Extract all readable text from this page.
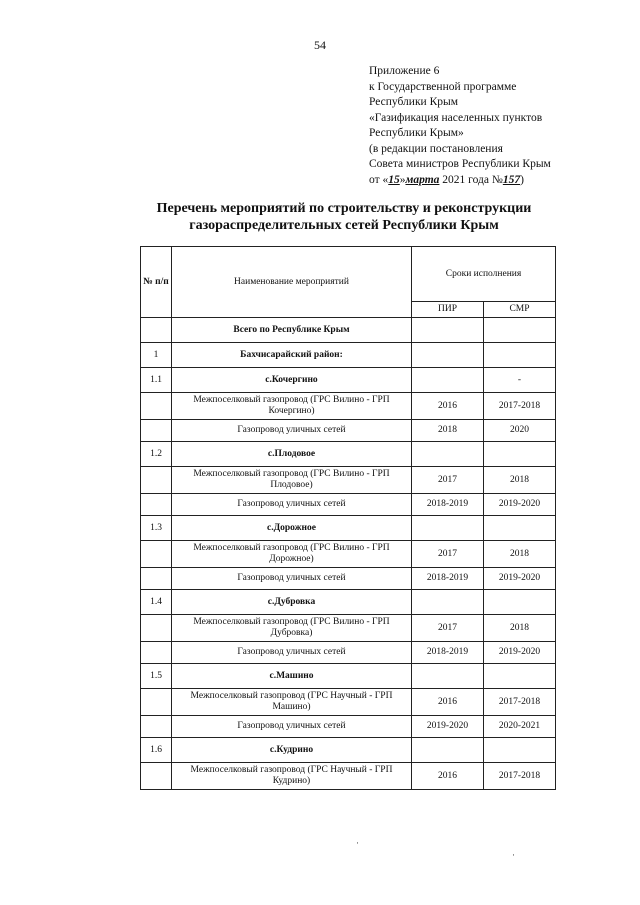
54
Приложение 6
к Государственной программе
Республики Крым
«Газификация населенных пунктов
Республики Крым»
(в редакции постановления
Совета министров Республики Крым
от «15»марта 2021 года №157)
Перечень мероприятий по строительству и реконструкции
газораспределительных сетей Республики Крым
№ п/п	Наименование мероприятий	Сроки исполнения	
		ПИР	СМР
	Всего по Республике Крым		
1	Бахчисарайский район:		
1.1	с.Кочергино		-
	Межпоселковый газопровод (ГРС Вилино - ГРП Кочергино)	2016	2017-2018
	Газопровод уличных сетей	2018	2020
1.2	с.Плодовое		
	Межпоселковый газопровод (ГРС Вилино - ГРП Плодовое)	2017	2018
	Газопровод уличных сетей	2018-2019	2019-2020
1.3	с.Дорожное		
	Межпоселковый газопровод (ГРС Вилино - ГРП Дорожное)	2017	2018
	Газопровод уличных сетей	2018-2019	2019-2020
1.4	с.Дубровка		
	Межпоселковый газопровод (ГРС Вилино - ГРП Дубровка)	2017	2018
	Газопровод уличных сетей	2018-2019	2019-2020
1.5	с.Машино		
	Межпоселковый газопровод (ГРС Научный - ГРП Машино)	2016	2017-2018
	Газопровод уличных сетей	2019-2020	2020-2021
1.6	с.Кудрино		
	Межпоселковый газопровод (ГРС Научный - ГРП Кудрино)	2016	2017-2018
·
·
